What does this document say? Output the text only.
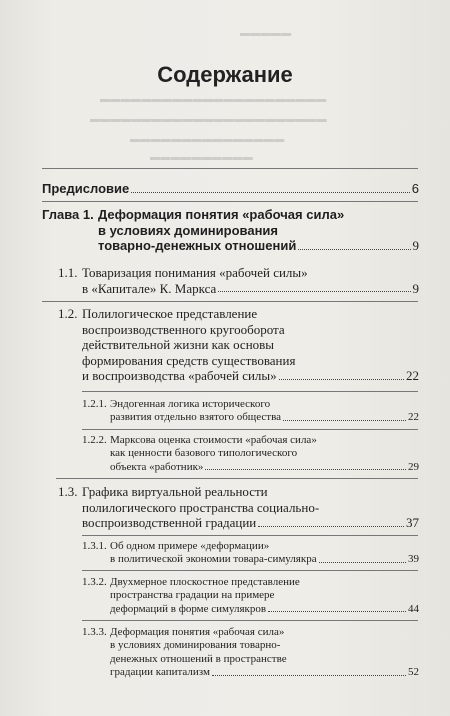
▬▬▬▬▬
▬▬▬▬▬▬▬▬▬▬▬▬▬▬▬▬▬▬▬▬▬▬
▬▬▬▬▬▬▬▬▬▬▬▬▬▬▬▬▬▬▬▬▬▬▬
▬▬▬▬▬▬▬▬▬▬▬▬▬▬▬
▬▬▬▬▬▬▬▬▬▬
Содержание
Предисловие	6
Глава 1. Деформация понятия «рабочая сила»
в условиях доминирования
товарно-денежных отношений	9
1.1. Товаризация понимания «рабочей силы»
в «Капитале» К. Маркса	9
1.2. Полилогическое представление
воспроизводственного кругооборота
действительной жизни как основы
формирования средств существования
и воспроизводства «рабочей силы»	22
1.2.1. Эндогенная логика исторического
развития отдельно взятого общества	22
1.2.2. Марксова оценка стоимости «рабочая сила»
как ценности базового типологического
объекта «работник»	29
1.3. Графика виртуальной реальности
полилогического пространства социально-
воспроизводственной градации	37
1.3.1. Об одном примере «деформации»
в политической экономии товара-симулякра	39
1.3.2. Двухмерное плоскостное представление
пространства градации на примере
деформаций в форме симулякров	44
1.3.3. Деформация понятия «рабочая сила»
в условиях доминирования товарно-
денежных отношений в пространстве
градации капитализм	52
